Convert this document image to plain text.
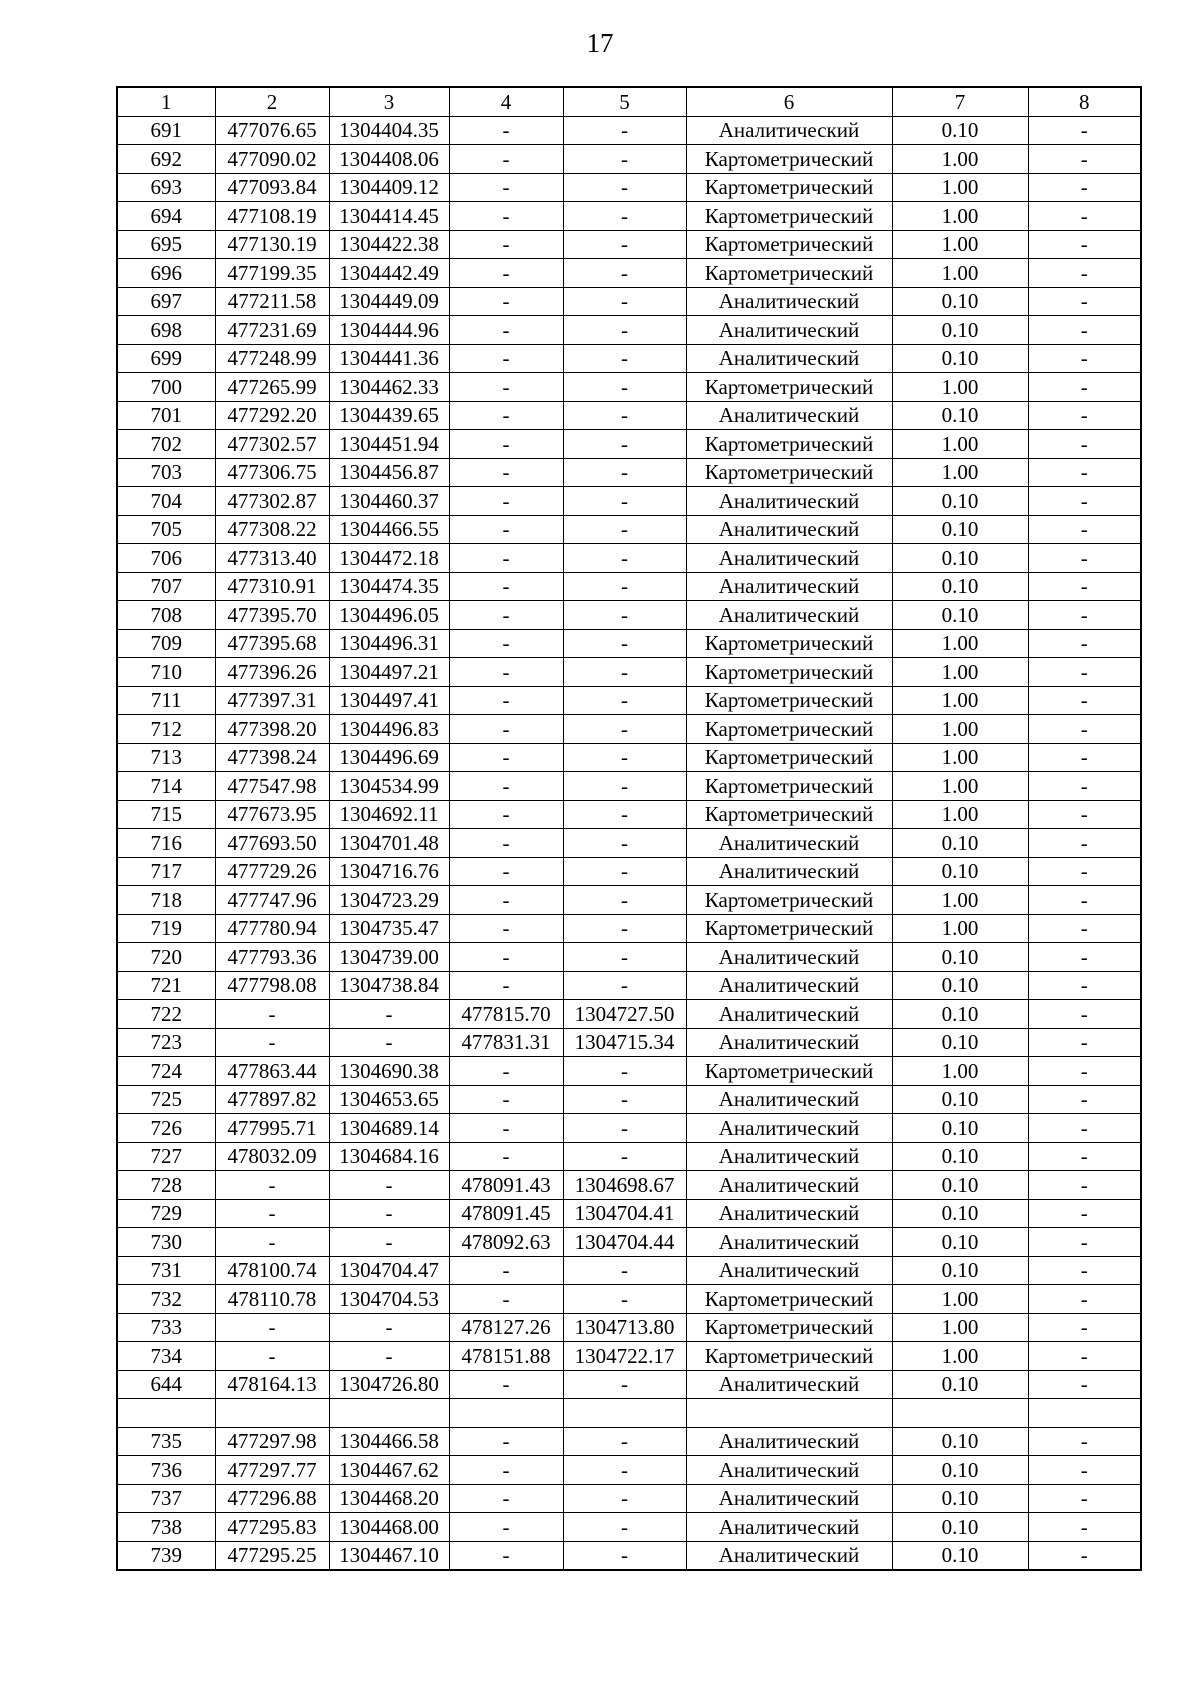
17
1	2	3	4	5	6	7	8
691	477076.65	1304404.35	-	-	Аналитический	0.10	-
692	477090.02	1304408.06	-	-	Картометрический	1.00	-
693	477093.84	1304409.12	-	-	Картометрический	1.00	-
694	477108.19	1304414.45	-	-	Картометрический	1.00	-
695	477130.19	1304422.38	-	-	Картометрический	1.00	-
696	477199.35	1304442.49	-	-	Картометрический	1.00	-
697	477211.58	1304449.09	-	-	Аналитический	0.10	-
698	477231.69	1304444.96	-	-	Аналитический	0.10	-
699	477248.99	1304441.36	-	-	Аналитический	0.10	-
700	477265.99	1304462.33	-	-	Картометрический	1.00	-
701	477292.20	1304439.65	-	-	Аналитический	0.10	-
702	477302.57	1304451.94	-	-	Картометрический	1.00	-
703	477306.75	1304456.87	-	-	Картометрический	1.00	-
704	477302.87	1304460.37	-	-	Аналитический	0.10	-
705	477308.22	1304466.55	-	-	Аналитический	0.10	-
706	477313.40	1304472.18	-	-	Аналитический	0.10	-
707	477310.91	1304474.35	-	-	Аналитический	0.10	-
708	477395.70	1304496.05	-	-	Аналитический	0.10	-
709	477395.68	1304496.31	-	-	Картометрический	1.00	-
710	477396.26	1304497.21	-	-	Картометрический	1.00	-
711	477397.31	1304497.41	-	-	Картометрический	1.00	-
712	477398.20	1304496.83	-	-	Картометрический	1.00	-
713	477398.24	1304496.69	-	-	Картометрический	1.00	-
714	477547.98	1304534.99	-	-	Картометрический	1.00	-
715	477673.95	1304692.11	-	-	Картометрический	1.00	-
716	477693.50	1304701.48	-	-	Аналитический	0.10	-
717	477729.26	1304716.76	-	-	Аналитический	0.10	-
718	477747.96	1304723.29	-	-	Картометрический	1.00	-
719	477780.94	1304735.47	-	-	Картометрический	1.00	-
720	477793.36	1304739.00	-	-	Аналитический	0.10	-
721	477798.08	1304738.84	-	-	Аналитический	0.10	-
722	-	-	477815.70	1304727.50	Аналитический	0.10	-
723	-	-	477831.31	1304715.34	Аналитический	0.10	-
724	477863.44	1304690.38	-	-	Картометрический	1.00	-
725	477897.82	1304653.65	-	-	Аналитический	0.10	-
726	477995.71	1304689.14	-	-	Аналитический	0.10	-
727	478032.09	1304684.16	-	-	Аналитический	0.10	-
728	-	-	478091.43	1304698.67	Аналитический	0.10	-
729	-	-	478091.45	1304704.41	Аналитический	0.10	-
730	-	-	478092.63	1304704.44	Аналитический	0.10	-
731	478100.74	1304704.47	-	-	Аналитический	0.10	-
732	478110.78	1304704.53	-	-	Картометрический	1.00	-
733	-	-	478127.26	1304713.80	Картометрический	1.00	-
734	-	-	478151.88	1304722.17	Картометрический	1.00	-
644	478164.13	1304726.80	-	-	Аналитический	0.10	-

735	477297.98	1304466.58	-	-	Аналитический	0.10	-
736	477297.77	1304467.62	-	-	Аналитический	0.10	-
737	477296.88	1304468.20	-	-	Аналитический	0.10	-
738	477295.83	1304468.00	-	-	Аналитический	0.10	-
739	477295.25	1304467.10	-	-	Аналитический	0.10	-
